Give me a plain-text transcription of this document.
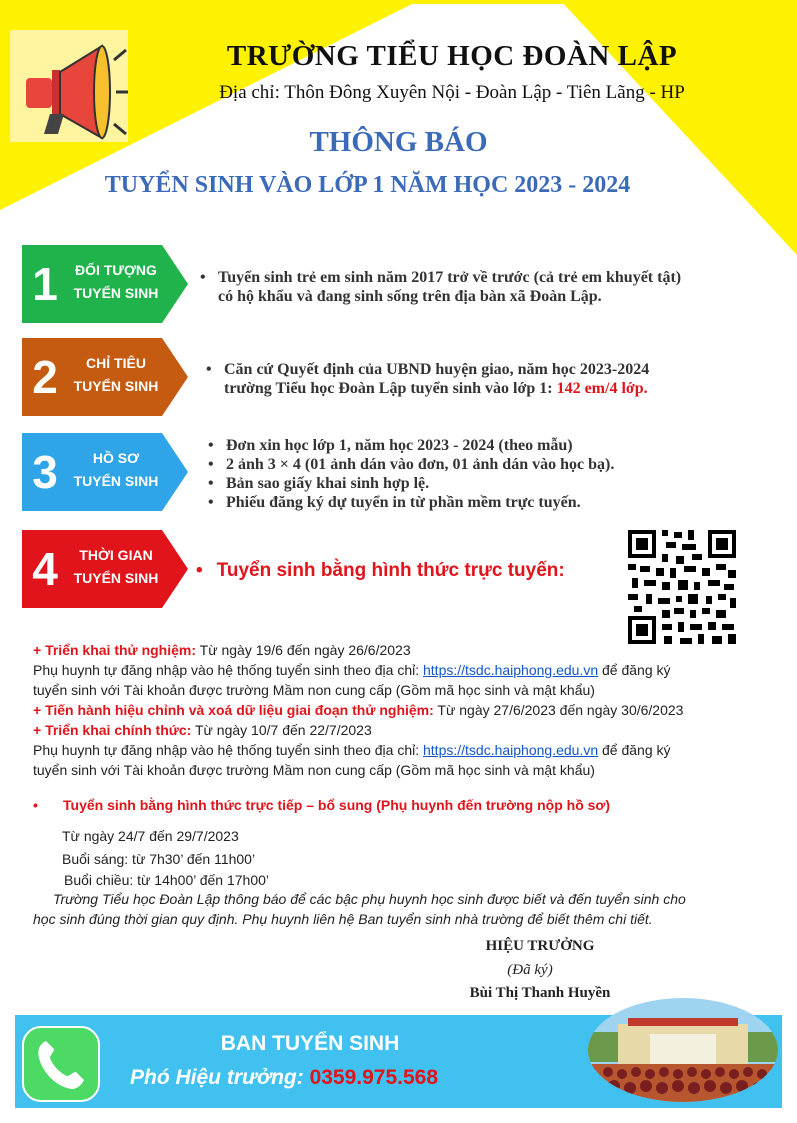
TRƯỜNG TIỂU HỌC ĐOÀN LẬP
Địa chỉ: Thôn Đông Xuyên Nội - Đoàn Lập - Tiên Lãng - HP
THÔNG BÁO
TUYỂN SINH VÀO LỚP 1 NĂM HỌC 2023 - 2024
1	ĐỐI TƯỢNG
TUYỂN SINH
• Tuyển sinh trẻ em sinh năm 2017 trở về trước (cả trẻ em khuyết tật)
có hộ khẩu và đang sinh sống trên địa bàn xã Đoàn Lập.
2	CHỈ TIÊU
TUYỂN SINH
• Căn cứ Quyết định của UBND huyện giao, năm học 2023-2024
trường Tiểu học Đoàn Lập tuyển sinh vào lớp 1: 142 em/4 lớp.
3	HỒ SƠ
TUYỂN SINH
• Đơn xin học lớp 1, năm học 2023 - 2024 (theo mẫu)
• 2 ảnh 3 × 4 (01 ảnh dán vào đơn, 01 ảnh dán vào học bạ).
• Bản sao giấy khai sinh hợp lệ.
• Phiếu đăng ký dự tuyển in từ phần mềm trực tuyến.
4	THỜI GIAN
TUYỂN SINH	• Tuyển sinh bằng hình thức trực tuyến:
+ Triển khai thử nghiệm: Từ ngày 19/6 đến ngày 26/6/2023
Phụ huynh tự đăng nhập vào hệ thống tuyển sinh theo địa chỉ: https://tsdc.haiphong.edu.vn để đăng ký
tuyển sinh với Tài khoản được trường Mầm non cung cấp (Gồm mã học sinh và mật khẩu)
+ Tiến hành hiệu chỉnh và xoá dữ liệu giai đoạn thử nghiệm: Từ ngày 27/6/2023 đến ngày 30/6/2023
+ Triển khai chính thức: Từ ngày 10/7 đến 22/7/2023
Phụ huynh tự đăng nhập vào hệ thống tuyển sinh theo địa chỉ: https://tsdc.haiphong.edu.vn để đăng ký
tuyển sinh với Tài khoản được trường Mầm non cung cấp (Gồm mã học sinh và mật khẩu)
• Tuyển sinh bằng hình thức trực tiếp – bổ sung (Phụ huynh đến trường nộp hồ sơ)
Từ ngày 24/7 đến 29/7/2023
Buổi sáng: từ 7h30’ đến 11h00’
Buổi chiều: từ 14h00’ đến 17h00’
Trường Tiểu học Đoàn Lập thông báo để các bậc phụ huynh học sinh được biết và đến tuyển sinh cho
học sinh đúng thời gian quy định. Phụ huynh liên hệ Ban tuyển sinh nhà trường để biết thêm chi tiết.
HIỆU TRƯỞNG
(Đã ký)
Bùi Thị Thanh Huyền
BAN TUYỂN SINH
Phó Hiệu trưởng: 0359.975.568
